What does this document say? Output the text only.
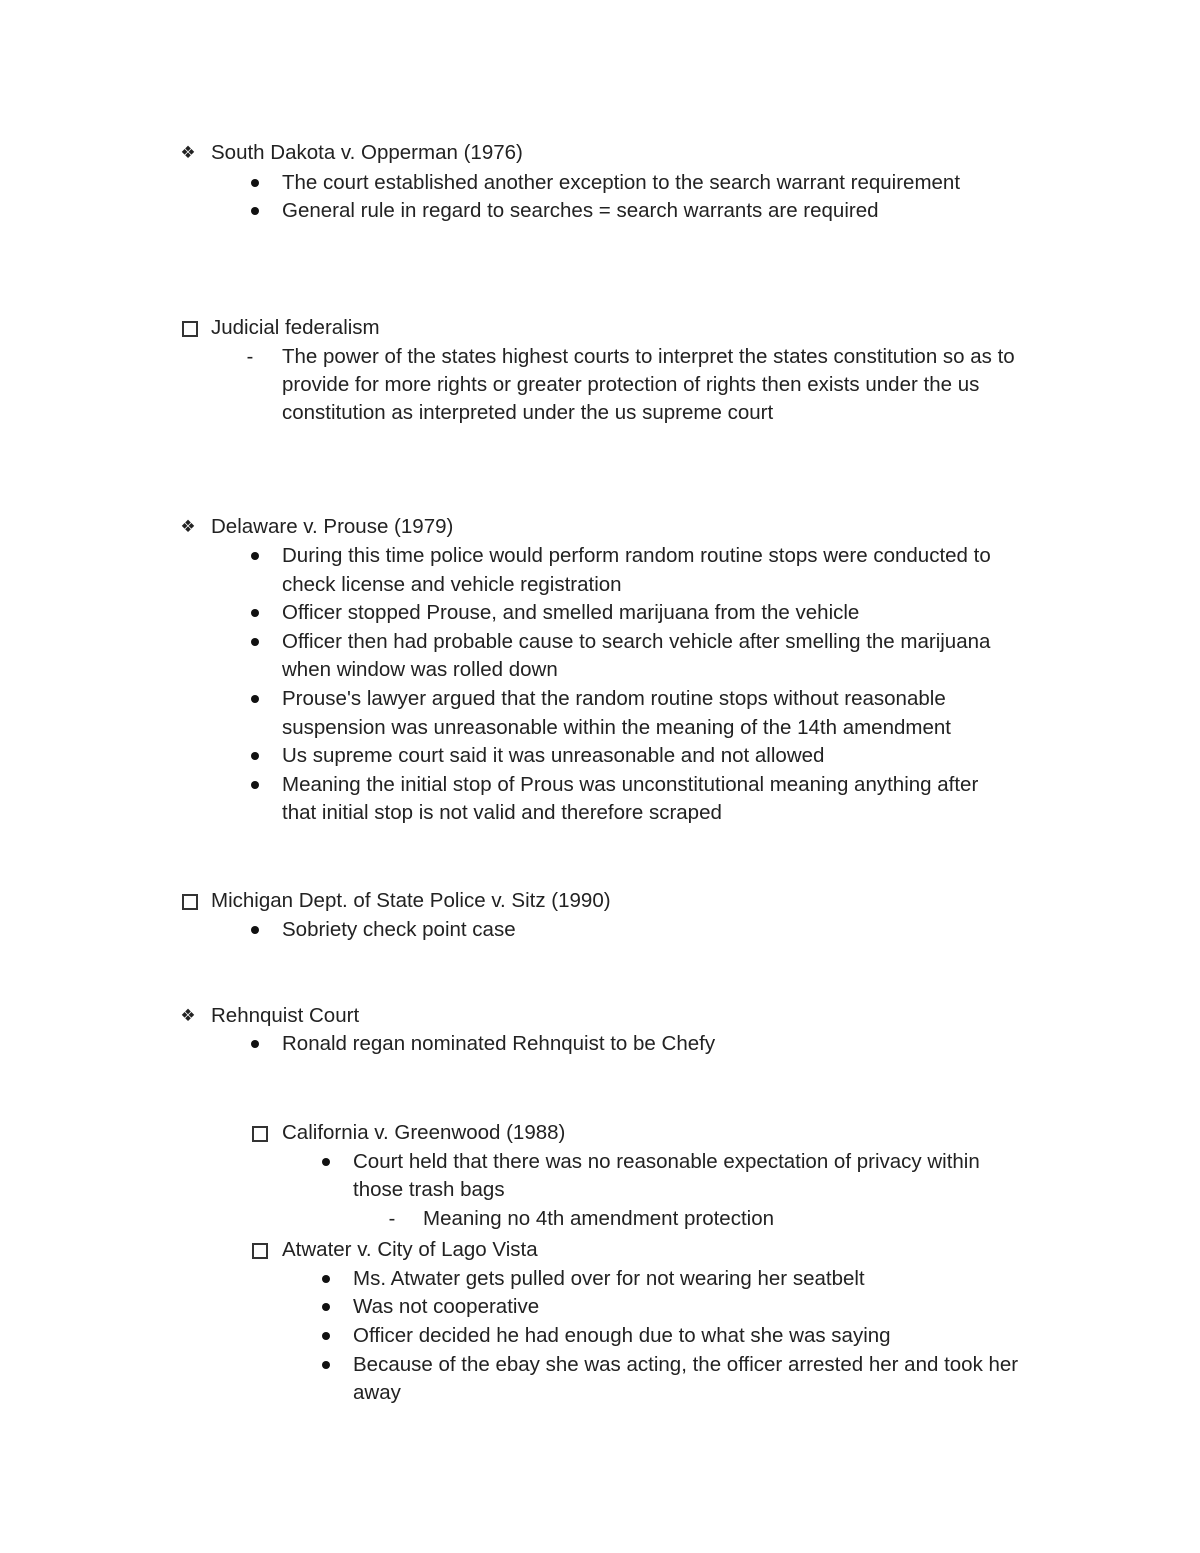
❖ South Dakota v. Opperman (1976)
The court established another exception to the search warrant requirement
General rule in regard to searches = search warrants are required
Judicial federalism
- The power of the states highest courts to interpret the states constitution so as to
provide for more rights or greater protection of rights then exists under the us
constitution as interpreted under the us supreme court
❖ Delaware v. Prouse (1979)
During this time police would perform random routine stops were conducted to
check license and vehicle registration
Officer stopped Prouse, and smelled marijuana from the vehicle
Officer then had probable cause to search vehicle after smelling the marijuana
when window was rolled down
Prouse's lawyer argued that the random routine stops without reasonable
suspension was unreasonable within the meaning of the 14th amendment
Us supreme court said it was unreasonable and not allowed
Meaning the initial stop of Prous was unconstitutional meaning anything after
that initial stop is not valid and therefore scraped
Michigan Dept. of State Police v. Sitz (1990)
Sobriety check point case
❖ Rehnquist Court
Ronald regan nominated Rehnquist to be Chefy
California v. Greenwood (1988)
Court held that there was no reasonable expectation of privacy within
those trash bags
- Meaning no 4th amendment protection
Atwater v. City of Lago Vista
Ms. Atwater gets pulled over for not wearing her seatbelt
Was not cooperative
Officer decided he had enough due to what she was saying
Because of the ebay she was acting, the officer arrested her and took her
away
